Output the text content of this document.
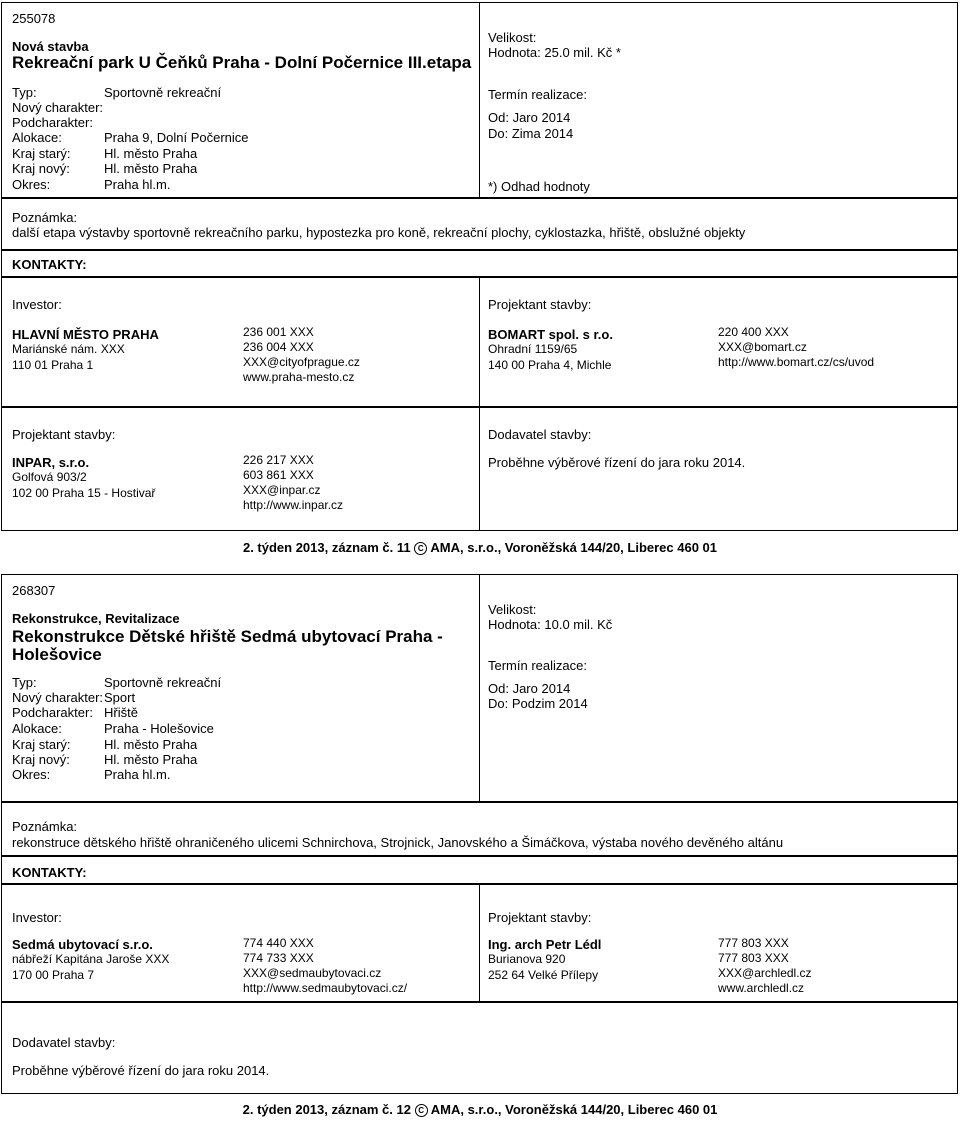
255078
Nová stavba
Rekreační park U Čeňků Praha - Dolní Počernice III.etapa
Typ:	Sportovně rekreační
Nový charakter:
Podcharakter:
Alokace:	Praha 9, Dolní Počernice
Kraj starý:	Hl. město Praha
Kraj nový:	Hl. město Praha
Okres:	Praha hl.m.
Velikost:
Hodnota: 25.0 mil. Kč *
Termín realizace:
Od: Jaro 2014
Do: Zima 2014
*) Odhad hodnoty
Poznámka:
další etapa výstavby sportovně rekreačního parku, hypostezka pro koně, rekreační plochy, cyklostazka, hřiště, obslužné objekty
KONTAKTY:
Investor:
HLAVNÍ MĚSTO PRAHA
Mariánské nám. XXX
110 01 Praha 1
236 001 XXX
236 004 XXX
XXX@cityofprague.cz
www.praha-mesto.cz
Projektant stavby:
BOMART spol. s r.o.
Ohradní 1159/65
140 00 Praha 4, Michle
220 400 XXX
XXX@bomart.cz
http://www.bomart.cz/cs/uvod
Projektant stavby:
INPAR, s.r.o.
Golfová 903/2
102 00 Praha 15 - Hostivař
226 217 XXX
603 861 XXX
XXX@inpar.cz
http://www.inpar.cz
Dodavatel stavby:
Proběhne výběrové řízení do jara roku 2014.
2. týden 2013, záznam č. 11 C AMA, s.r.o., Voroněžská 144/20, Liberec 460 01
268307
Rekonstrukce, Revitalizace
Rekonstrukce Dětské hřiště Sedmá ubytovací Praha -
Holešovice
Typ:	Sportovně rekreační
Nový charakter: Sport
Podcharakter: Hřiště
Alokace:	Praha - Holešovice
Kraj starý:	Hl. město Praha
Kraj nový:	Hl. město Praha
Okres:	Praha hl.m.
Velikost:
Hodnota: 10.0 mil. Kč
Termín realizace:
Od: Jaro 2014
Do: Podzim 2014
Poznámka:
rekonstruce dětského hřiště ohraničeného ulicemi Schnirchova, Strojnick, Janovského a Šimáčkova, výstaba nového devěného altánu
KONTAKTY:
Investor:
Sedmá ubytovací s.r.o.
nábřeží Kapitána Jaroše XXX
170 00 Praha 7
774 440 XXX
774 733 XXX
XXX@sedmaubytovaci.cz
http://www.sedmaubytovaci.cz/
Projektant stavby:
Ing. arch Petr Lédl
Burianova 920
252 64 Velké Přílepy
777 803 XXX
777 803 XXX
XXX@archledl.cz
www.archledl.cz
Dodavatel stavby:
Proběhne výběrové řízení do jara roku 2014.
2. týden 2013, záznam č. 12 C AMA, s.r.o., Voroněžská 144/20, Liberec 460 01
